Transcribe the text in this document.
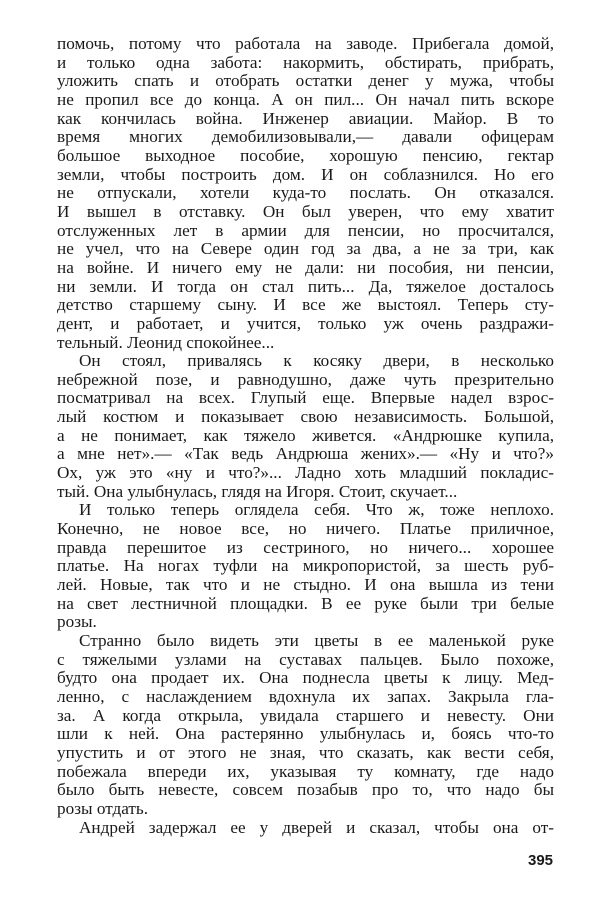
помочь, потому что работала на заводе. Прибегала домой,
и только одна забота: накормить, обстирать, прибрать,
уложить спать и отобрать остатки денег у мужа, чтобы
не пропил все до конца. А он пил... Он начал пить вскоре
как кончилась война. Инженер авиации. Майор. В то
время многих демобилизовывали,— давали офицерам
большое выходное пособие, хорошую пенсию, гектар
земли, чтобы построить дом. И он соблазнился. Но его
не отпускали, хотели куда-то послать. Он отказался.
И вышел в отставку. Он был уверен, что ему хватит
отслуженных лет в армии для пенсии, но просчитался,
не учел, что на Севере один год за два, а не за три, как
на войне. И ничего ему не дали: ни пособия, ни пенсии,
ни земли. И тогда он стал пить... Да, тяжелое досталось
детство старшему сыну. И все же выстоял. Теперь сту-
дент, и работает, и учится, только уж очень раздражи-
тельный. Леонид спокойнее...
Он стоял, привалясь к косяку двери, в несколько
небрежной позе, и равнодушно, даже чуть презрительно
посматривал на всех. Глупый еще. Впервые надел взрос-
лый костюм и показывает свою независимость. Большой,
а не понимает, как тяжело живется. «Андрюшке купила,
а мне нет».— «Так ведь Андрюша жених».— «Ну и что?»
Ох, уж это «ну и что?»... Ладно хоть младший покладис-
тый. Она улыбнулась, глядя на Игоря. Стоит, скучает...
И только теперь оглядела себя. Что ж, тоже неплохо.
Конечно, не новое все, но ничего. Платье приличное,
правда перешитое из сестриного, но ничего... хорошее
платье. На ногах туфли на микропористой, за шесть руб-
лей. Новые, так что и не стыдно. И она вышла из тени
на свет лестничной площадки. В ее руке были три белые
розы.
Странно было видеть эти цветы в ее маленькой руке
с тяжелыми узлами на суставах пальцев. Было похоже,
будто она продает их. Она поднесла цветы к лицу. Мед-
ленно, с наслаждением вдохнула их запах. Закрыла гла-
за. А когда открыла, увидала старшего и невесту. Они
шли к ней. Она растерянно улыбнулась и, боясь что-то
упустить и от этого не зная, что сказать, как вести себя,
побежала впереди их, указывая ту комнату, где надо
было быть невесте, совсем позабыв про то, что надо бы
розы отдать.
Андрей задержал ее у дверей и сказал, чтобы она от-
395
